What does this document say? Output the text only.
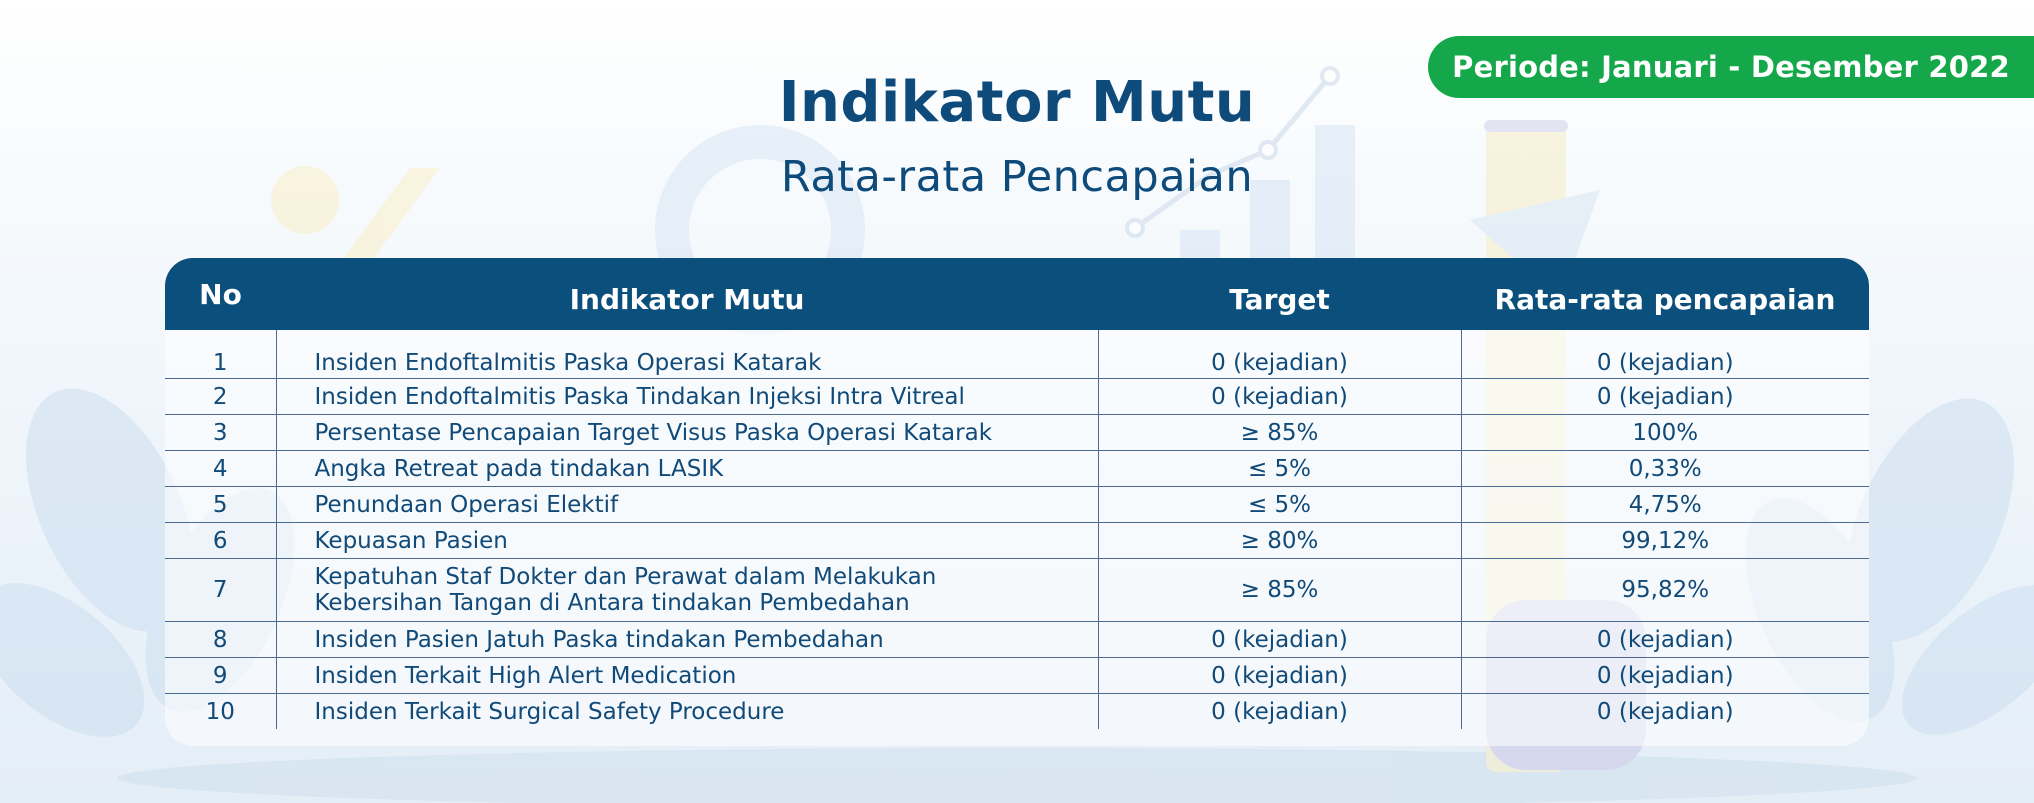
Periode: Januari - Desember 2022
Indikator Mutu
Rata-rata Pencapaian
No	Indikator Mutu	Target	Rata-rata pencapaian
1	Insiden Endoftalmitis Paska Operasi Katarak	0 (kejadian)	0 (kejadian)
2	Insiden Endoftalmitis Paska Tindakan Injeksi Intra Vitreal	0 (kejadian)	0 (kejadian)
3	Persentase Pencapaian Target Visus Paska Operasi Katarak	≥ 85%	100%
4	Angka Retreat pada tindakan LASIK	≤ 5%	0,33%
5	Penundaan Operasi Elektif	≤ 5%	4,75%
6	Kepuasan Pasien	≥ 80%	99,12%
7	Kepatuhan Staf Dokter dan Perawat dalam Melakukan
Kebersihan Tangan di Antara tindakan Pembedahan	≥ 85%	95,82%
8	Insiden Pasien Jatuh Paska tindakan Pembedahan	0 (kejadian)	0 (kejadian)
9	Insiden Terkait High Alert Medication	0 (kejadian)	0 (kejadian)
10	Insiden Terkait Surgical Safety Procedure	0 (kejadian)	0 (kejadian)
